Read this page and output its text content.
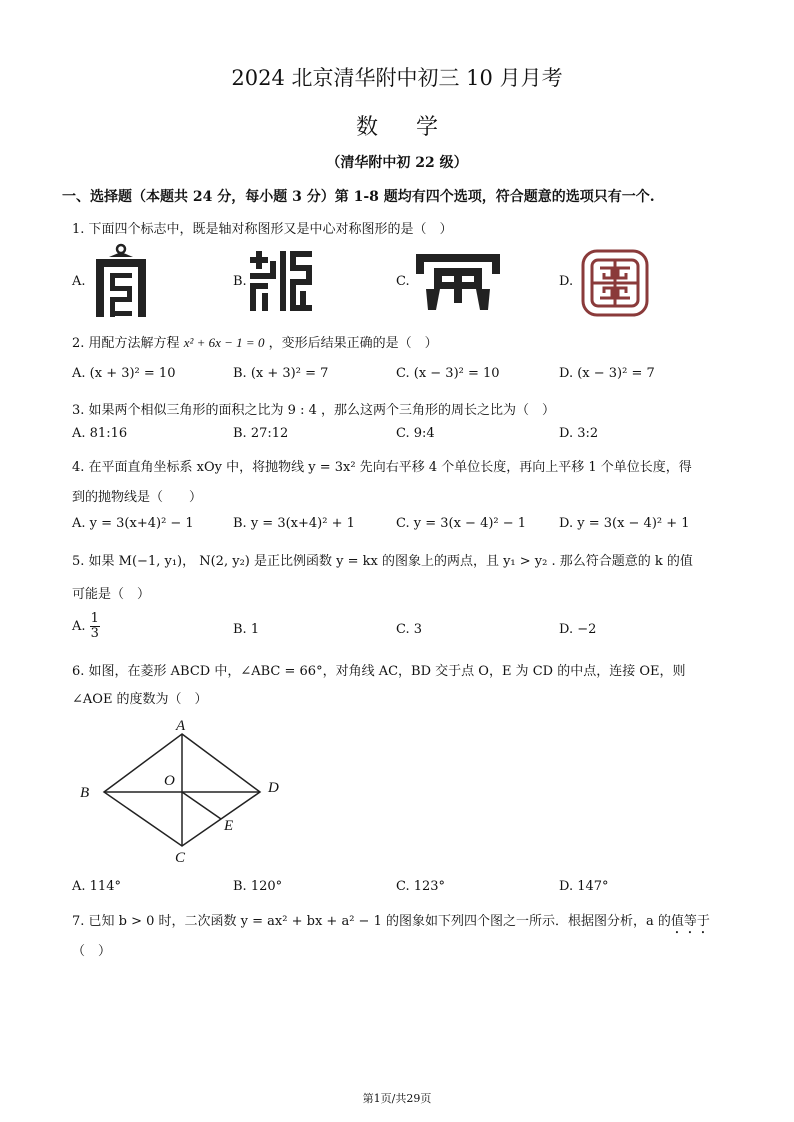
2024 北京清华附中初三 10 月月考
数学
（清华附中初 22 级）
一、选择题（本题共 24 分，每小题 3 分）第 1-8 题均有四个选项，符合题意的选项只有一个.
1. 下面四个标志中，既是轴对称图形又是中心对称图形的是（　）
A.	B.	C.	D.
2. 用配方法解方程 x² + 6x − 1 = 0 ，变形后结果正确的是（　）
A. (x + 3)² = 10	B. (x + 3)² = 7	C. (x − 3)² = 10	D. (x − 3)² = 7
3. 如果两个相似三角形的面积之比为 9 : 4 ，那么这两个三角形的周长之比为（　）
A. 81:16	B. 27:12	C. 9:4	D. 3:2
4. 在平面直角坐标系 xOy 中，将抛物线 y = 3x² 先向右平移 4 个单位长度，再向上平移 1 个单位长度，得
到的抛物线是（　　）
A. y = 3(x+4)² − 1	B. y = 3(x+4)² + 1	C. y = 3(x − 4)² − 1	D. y = 3(x − 4)² + 1
5. 如果 M(−1, y₁)， N(2, y₂) 是正比例函数 y = kx 的图象上的两点，且 y₁ > y₂ . 那么符合题意的 k 的值
可能是（　）
A. $\frac{1}{3}$	B. 1	C. 3	D. −2
6. 如图，在菱形 ABCD 中，∠ABC = 66°，对角线 AC，BD 交于点 O，E 为 CD 的中点，连接 OE，则
∠AOE 的度数为（　）
A
B
C
D
O
E
A. 114°	B. 120°	C. 123°	D. 147°
7. 已知 b > 0 时，二次函数 y = ax² + bx + a² − 1 的图象如下列四个图之一所示．根据图分析，a 的值等于
（　）
第1页/共29页
